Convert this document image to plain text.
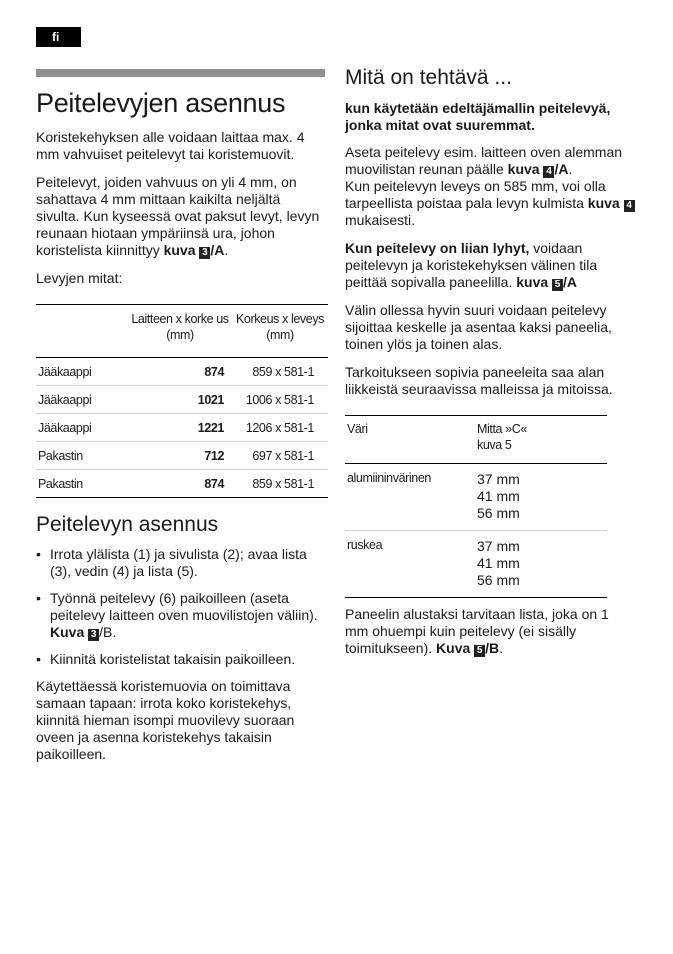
fi
Peitelevyjen asennus

Koristekehyksen alle voidaan laittaa max. 4 mm vahvuiset peitelevyt tai koristemuovit.

Peitelevyt, joiden vahvuus on yli 4 mm, on sahattava 4 mm mittaan kaikilta neljältä sivulta. Kun kyseessä ovat paksut levyt, levyn reunaan hiotaan ympäriinsä ura, johon koristelista kiinnittyy kuva 3 /A.

Levyjen mitat:

	Laitteen x korke us (mm)	Korkeus x leveys (mm)
Jääkaappi	874	859 x 581-1
Jääkaappi	1021	1006 x 581-1
Jääkaappi	1221	1206 x 581-1
Pakastin	712	697 x 581-1
Pakastin	874	859 x 581-1
Peitelevyn asennus
• Irrota ylälista (1) ja sivulista (2); avaa lista (3), vedin (4) ja lista (5).
• Työnnä peitelevy (6) paikoilleen (aseta peitelevy laitteen oven muovilistojen väliin). Kuva 3 /B.
• Kiinnitä koristelistat takaisin paikoilleen.

Käytettäessä koristemuovia on toimittava samaan tapaan: irrota koko koristekehys, kiinnitä hieman isompi muovilevy suoraan oveen ja asenna koristekehys takaisin paikoilleen.

Mitä on tehtävä ...
kun käytetään edeltäjämallin peitelevyä, jonka mitat ovat suuremmat.

Aseta peitelevy esim. laitteen oven alemman muovilistan reunan päälle kuva 4 /A.
Kun peitelevyn leveys on 585 mm, voi olla tarpeellista poistaa pala levyn kulmista kuva 4 mukaisesti.

Kun peitelevy on liian lyhyt, voidaan peitelevyn ja koristekehyksen välinen tila peittää sopivalla paneelilla. kuva 5 /A

Välin ollessa hyvin suuri voidaan peitelevy sijoittaa keskelle ja asentaa kaksi paneelia, toinen ylös ja toinen alas.

Tarkoitukseen sopivia paneeleita saa alan liikkeistä seuraavissa malleissa ja mitoissa.

Väri	Mitta »C«
kuva 5
alumiininvärinen	37 mm
41 mm
56 mm
ruskea	37 mm
41 mm
56 mm

Paneelin alustaksi tarvitaan lista, joka on 1 mm ohuempi kuin peitelevy (ei sisälly toimitukseen). Kuva 5 /B.
